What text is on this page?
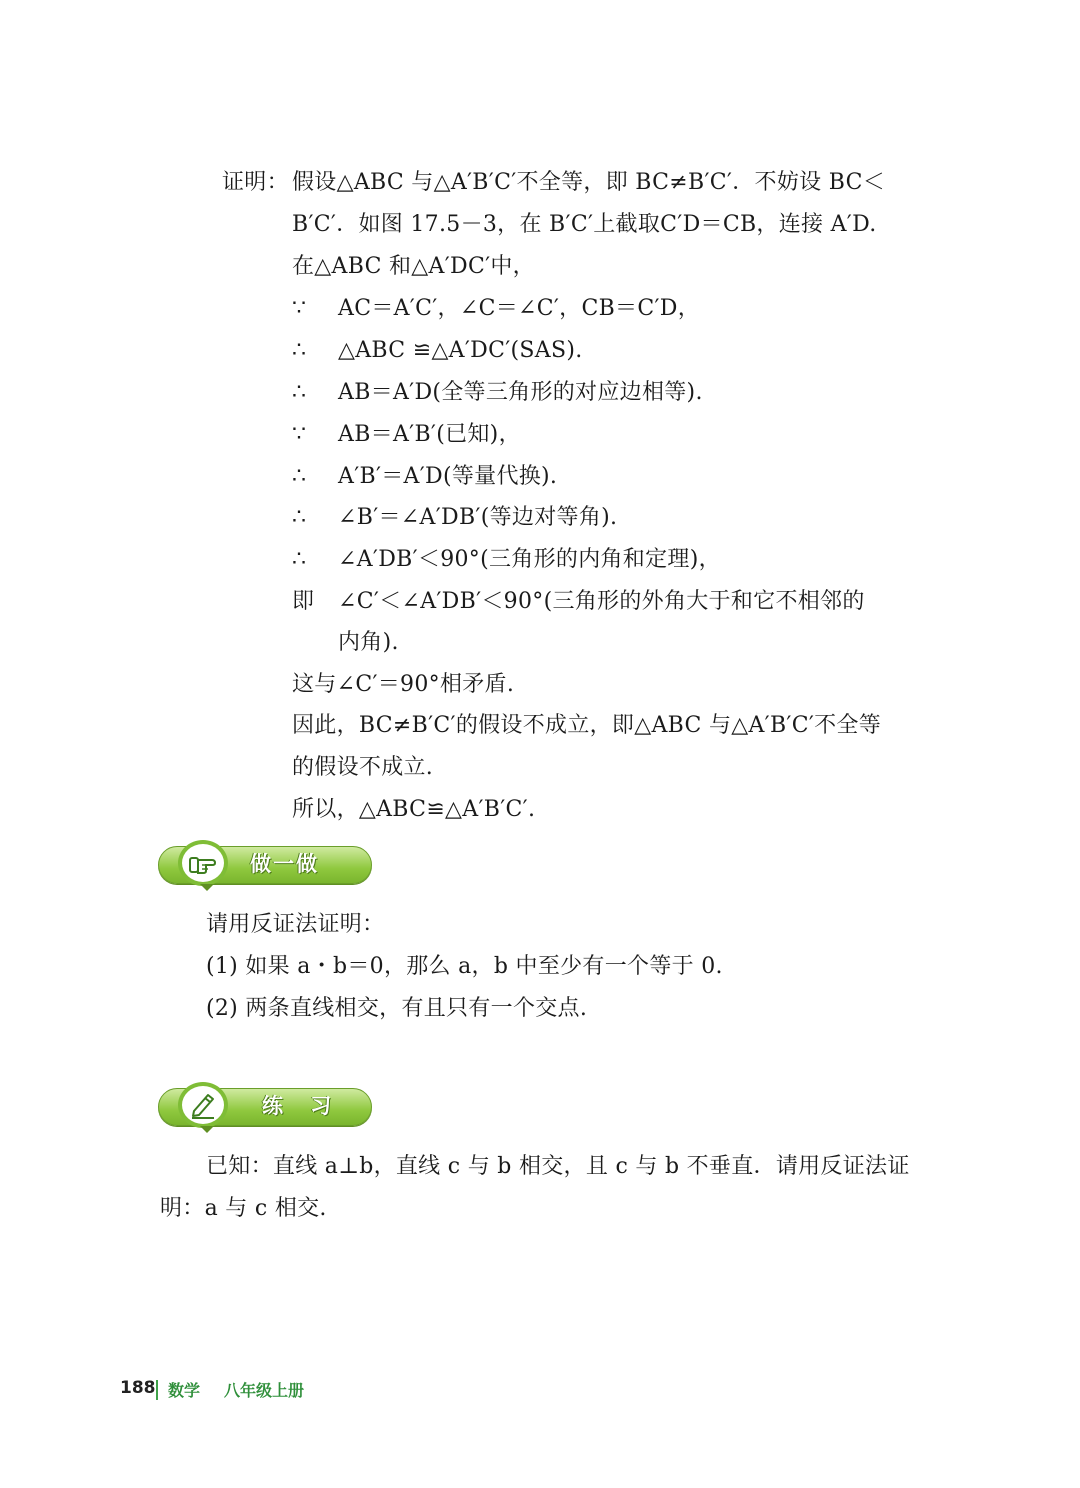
证明： 假设△ABC 与△A′B′C′不全等，即 BC≠B′C′．不妨设 BC＜
B′C′．如图 17.5－3，在 B′C′上截取C′D＝CB，连接 A′D.
在△ABC 和△A′DC′中，
∵ AC＝A′C′，∠C＝∠C′，CB＝C′D，
∴ △ABC ≌△A′DC′(SAS).
∴ AB＝A′D(全等三角形的对应边相等).
∵ AB＝A′B′(已知)，
∴ A′B′＝A′D(等量代换).
∴ ∠B′＝∠A′DB′(等边对等角).
∴ ∠A′DB′＜90°(三角形的内角和定理)，
即 ∠C′＜∠A′DB′＜90°(三角形的外角大于和它不相邻的
内角).
这与∠C′＝90°相矛盾.
因此，BC≠B′C′的假设不成立，即△ABC 与△A′B′C′不全等
的假设不成立.
所以，△ABC≌△A′B′C′.
做一做
请用反证法证明：
(1) 如果 a・b＝0，那么 a，b 中至少有一个等于 0.
(2) 两条直线相交，有且只有一个交点.
练 习
已知：直线 a⊥b，直线 c 与 b 相交，且 c 与 b 不垂直．请用反证法证
明：a 与 c 相交.
188 数学 八年级上册
